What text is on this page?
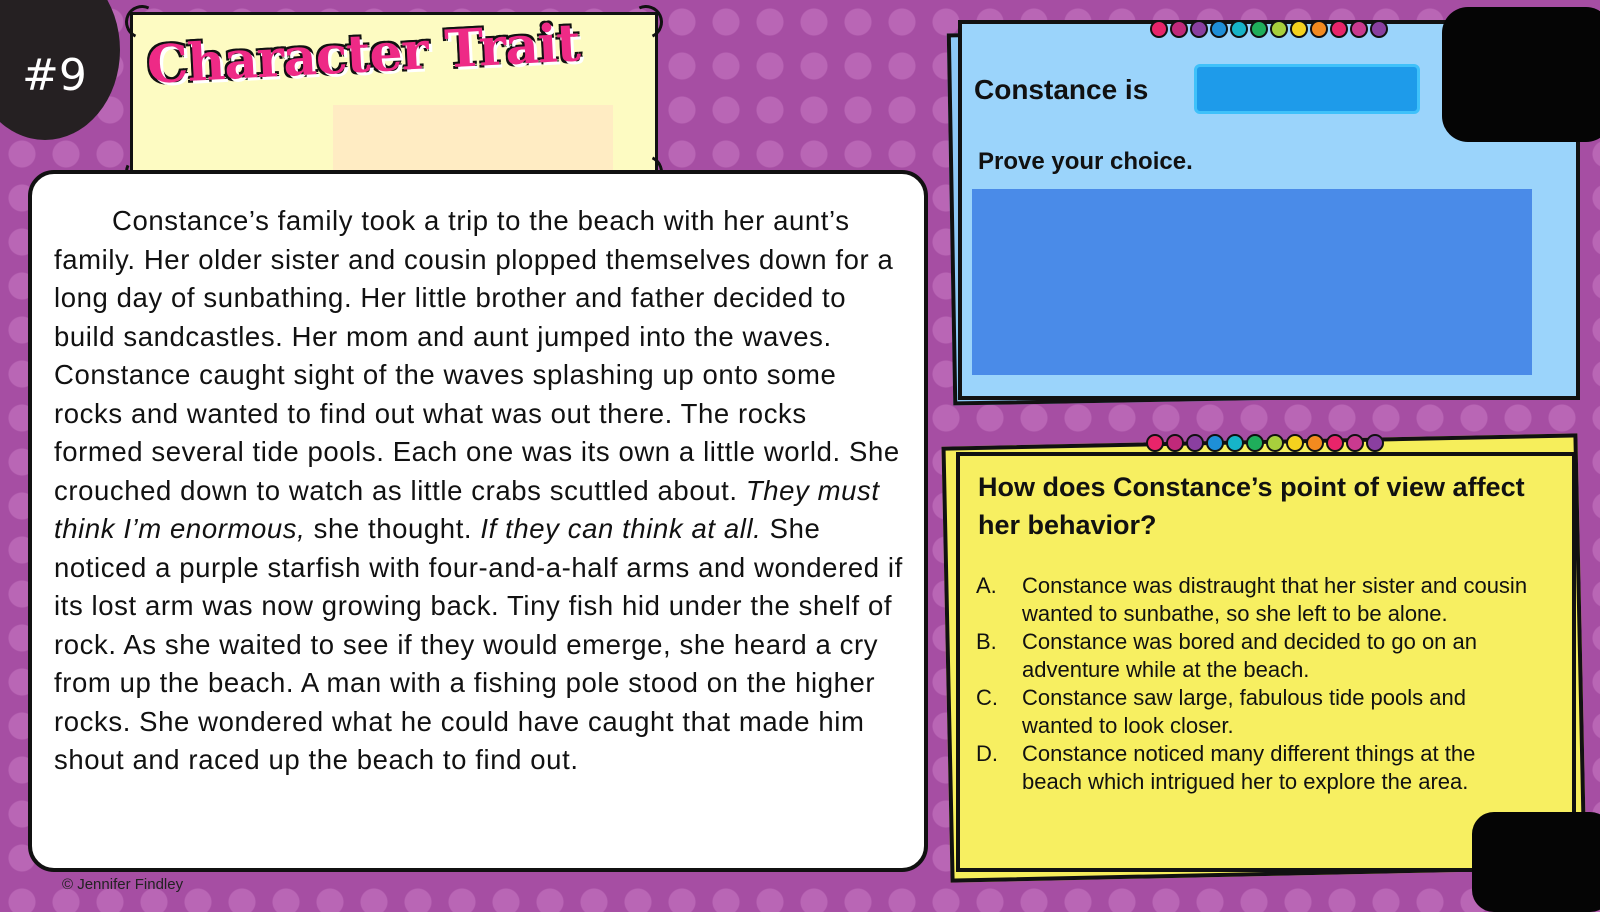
#9 Character Trait
Constance’s family took a trip to the beach with her aunt’s family. Her older sister and cousin plopped themselves down for a long day of sunbathing. Her little brother and father decided to build sandcastles. Her mom and aunt jumped into the waves. Constance caught sight of the waves splashing up onto some rocks and wanted to find out what was out there. The rocks formed several tide pools. Each one was its own a little world. She crouched down to watch as little crabs scuttled about. They must think I’m enormous, she thought. If they can think at all. She noticed a purple starfish with four-and-a-half arms and wondered if its lost arm was now growing back. Tiny fish hid under the shelf of rock. As she waited to see if they would emerge, she heard a cry from up the beach. A man with a fishing pole stood on the higher rocks. She wondered what he could have caught that made him shout and raced up the beach to find out.
© Jennifer Findley
Constance is
Prove your choice.
How does Constance’s point of view affect her behavior?
A.	Constance was distraught that her sister and cousin wanted to sunbathe, so she left to be alone.
B.	Constance was bored and decided to go on an adventure while at the beach.
C.	Constance saw large, fabulous tide pools and wanted to look closer.
D.	Constance noticed many different things at the beach which intrigued her to explore the area.
